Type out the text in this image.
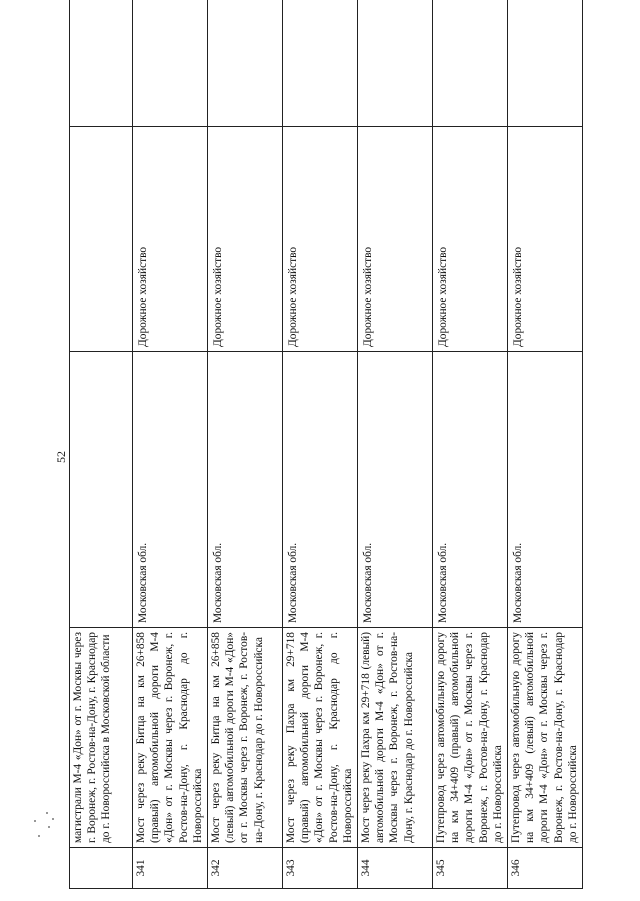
52
	магистрали М-4 «Дон» от г. Москвы через г. Воронеж, г. Ростов-на-Дону, г. Краснодар до г. Новороссийска в Московской области	

341	Мост через реку Битца на км 26+858 (правый) автомобильной дороги М-4 «Дон» от г. Москвы через г. Воронеж, г. Ростов-на-Дону, г. Краснодар до г. Новороссийска	Московская обл.	Дорожное хозяйство	

342	Мост через реку Битца на км 26+858 (левый) автомобильной дороги М-4 «Дон» от г. Москвы через г. Воронеж, г. Ростов-на-Дону, г. Краснодар до г. Новороссийска	Московская обл.	Дорожное хозяйство	

343	Мост через реку Пахра км 29+718 (правый) автомобильной дороги М-4 «Дон» от г. Москвы через г. Воронеж, г. Ростов-на-Дону, г. Краснодар до г. Новороссийска	Московская обл.	Дорожное хозяйство	

344	Мост через реку Пахра км 29+718 (левый) автомобильной дороги М-4 «Дон» от г. Москвы через г. Воронеж, г. Ростов-на-Дону, г. Краснодар до г. Новороссийска	Московская обл.	Дорожное хозяйство	

345	Путепровод через автомобильную дорогу на км 34+409 (правый) автомобильной дороги М-4 «Дон» от г. Москвы через г. Воронеж, г. Ростов-на-Дону, г. Краснодар до г. Новороссийска	Московская обл.	Дорожное хозяйство	

346	Путепровод через автомобильную дорогу на км 34+409 (левый) автомобильной дороги М-4 «Дон» от г. Москвы через г. Воронеж, г. Ростов-на-Дону, г. Краснодар до г. Новороссийска	Московская обл.	Дорожное хозяйство	
